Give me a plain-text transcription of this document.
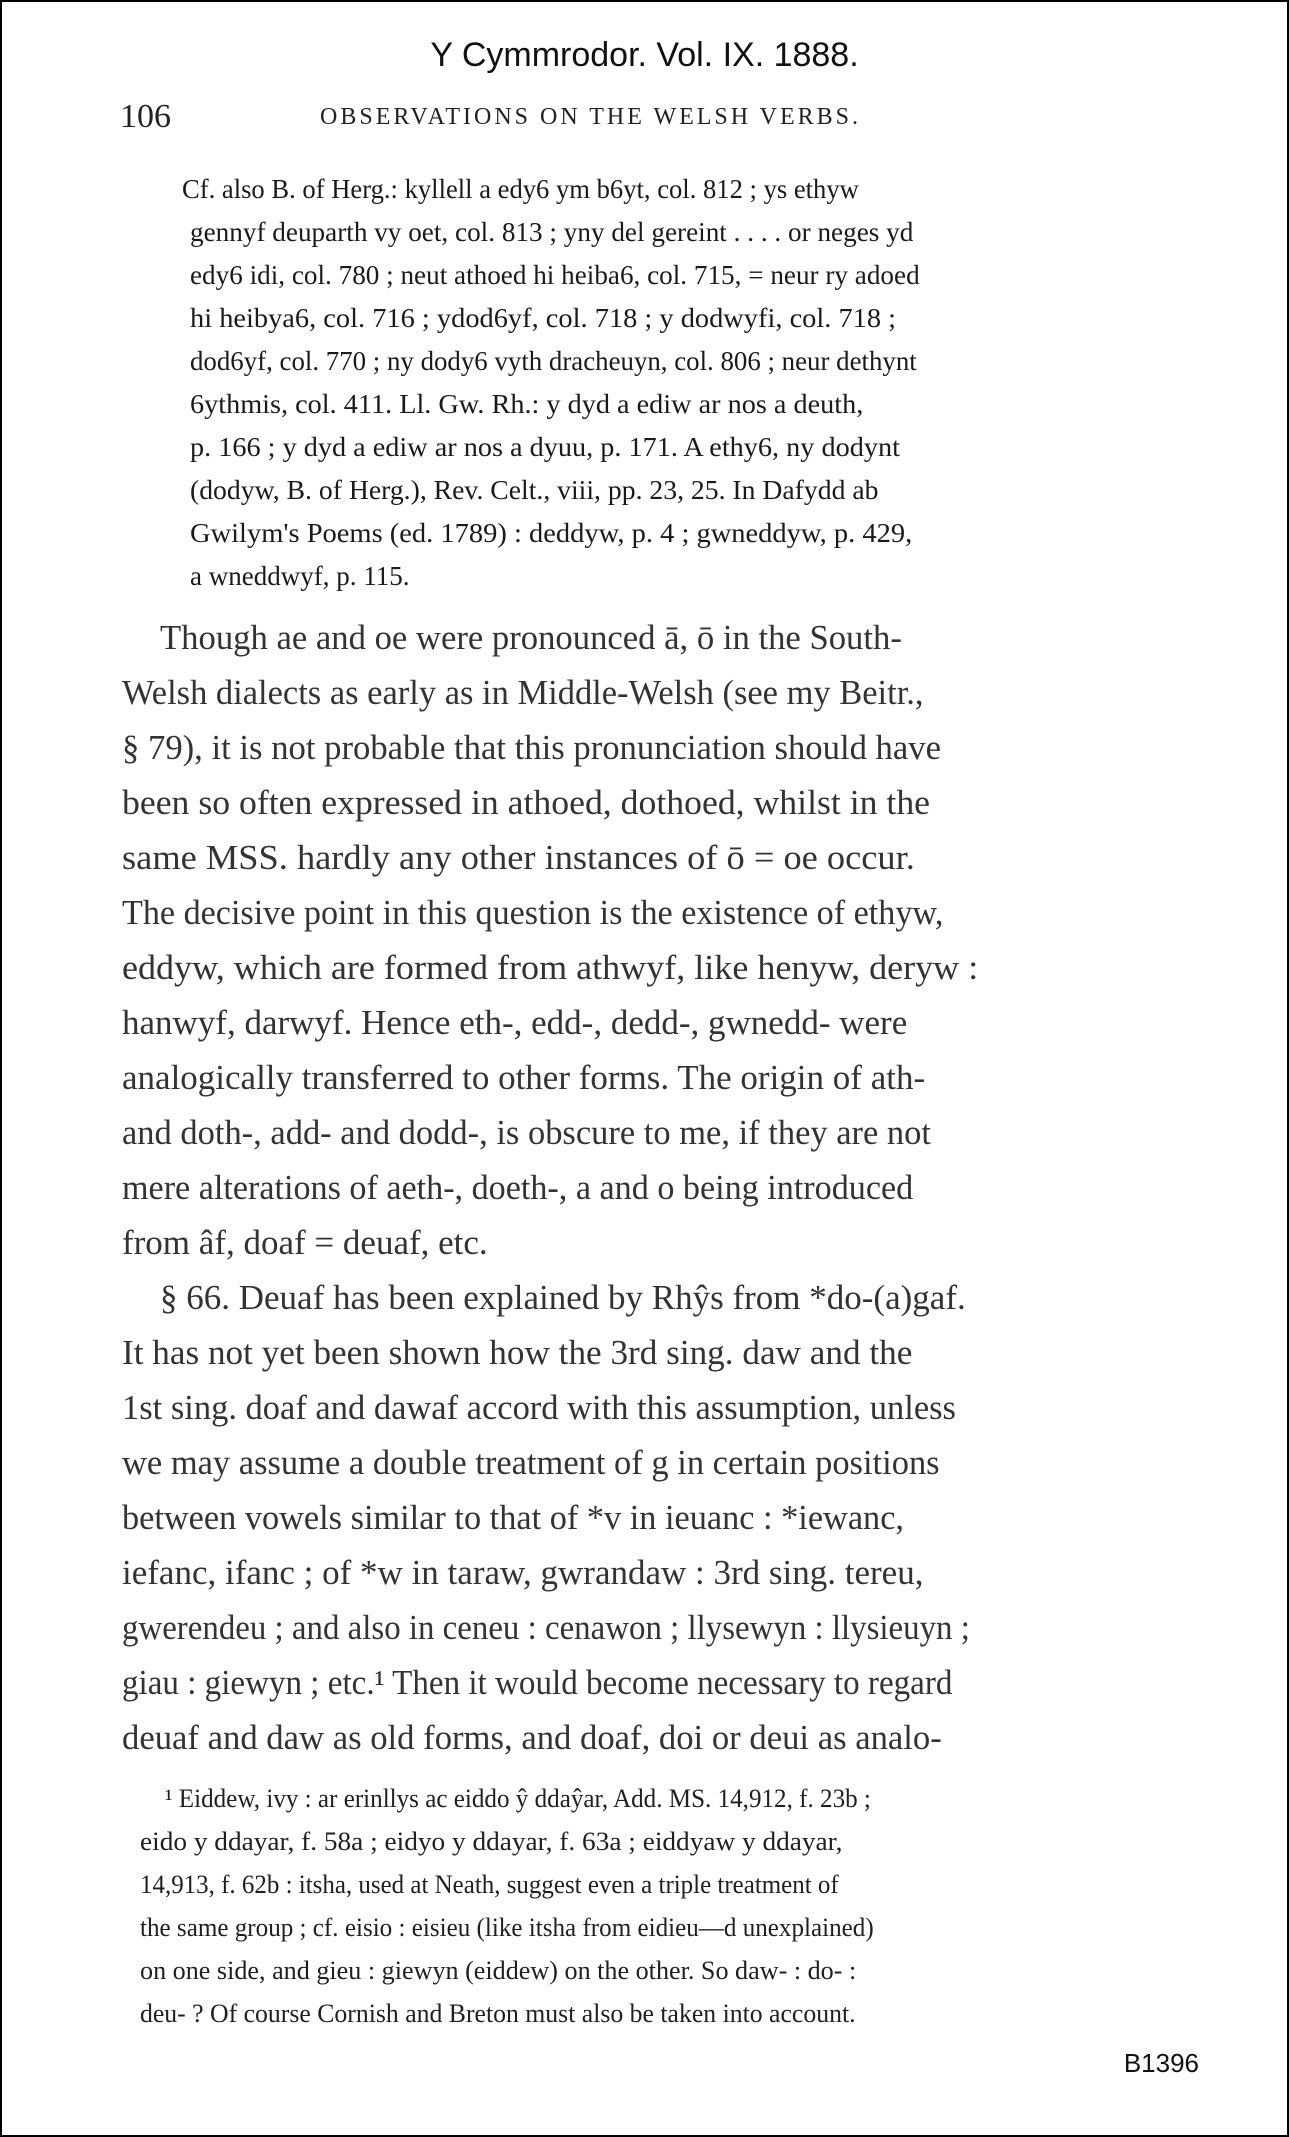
Y Cymmrodor. Vol. IX. 1888.
106	OBSERVATIONS ON THE WELSH VERBS.

Cf. also B. of Herg.: kyllell a edy6 ym b6yt, col. 812 ; ys ethyw

gennyf deuparth vy oet, col. 813 ; yny del gereint . . . . or neges yd

edy6 idi, col. 780 ; neut athoed hi heiba6, col. 715, = neur ry adoed

hi heibya6, col. 716 ; ydod6yf, col. 718 ; y dodwyfi, col. 718 ;

dod6yf, col. 770 ; ny dody6 vyth dracheuyn, col. 806 ; neur dethynt

6ythmis, col. 411. Ll. Gw. Rh.: y dyd a ediw ar nos a deuth,

p. 166 ; y dyd a ediw ar nos a dyuu, p. 171. A ethy6, ny dodynt

(dodyw, B. of Herg.), Rev. Celt., viii, pp. 23, 25. In Dafydd ab

Gwilym's Poems (ed. 1789) : deddyw, p. 4 ; gwneddyw, p. 429,

a wneddwyf, p. 115.

Though ae and oe were pronounced ā, ō in the South-

Welsh dialects as early as in Middle-Welsh (see my Beitr.,

§ 79), it is not probable that this pronunciation should have

been so often expressed in athoed, dothoed, whilst in the

same MSS. hardly any other instances of ō = oe occur.

The decisive point in this question is the existence of ethyw,

eddyw, which are formed from athwyf, like henyw, deryw :

hanwyf, darwyf. Hence eth-, edd-, dedd-, gwnedd- were

analogically transferred to other forms. The origin of ath-

and doth-, add- and dodd-, is obscure to me, if they are not

mere alterations of aeth-, doeth-, a and o being introduced

from âf, doaf = deuaf, etc.

§ 66. Deuaf has been explained by Rhŷs from *do-(a)gaf.

It has not yet been shown how the 3rd sing. daw and the

1st sing. doaf and dawaf accord with this assumption, unless

we may assume a double treatment of g in certain positions

between vowels similar to that of *v in ieuanc : *iewanc,

iefanc, ifanc ; of *w in taraw, gwrandaw : 3rd sing. tereu,

gwerendeu ; and also in ceneu : cenawon ; llysewyn : llysieuyn ;

giau : giewyn ; etc.¹ Then it would become necessary to regard

deuaf and daw as old forms, and doaf, doi or deui as analo-

¹ Eiddew, ivy : ar erinllys ac eiddo ŷ ddaŷar, Add. MS. 14,912, f. 23b ;

eido y ddayar, f. 58a ; eidyo y ddayar, f. 63a ; eiddyaw y ddayar,

14,913, f. 62b : itsha, used at Neath, suggest even a triple treatment of

the same group ; cf. eisio : eisieu (like itsha from eidieu—d unexplained)

on one side, and gieu : giewyn (eiddew) on the other. So daw- : do- :

deu- ? Of course Cornish and Breton must also be taken into account.

B1396
